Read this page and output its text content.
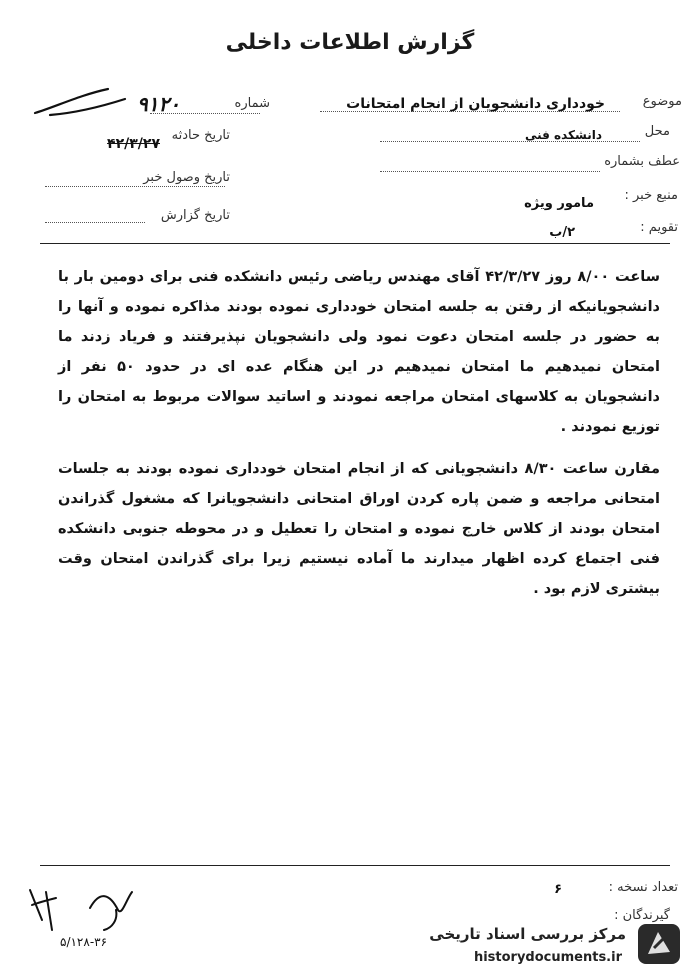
گزارش اطلاعات داخلی
موضوع
خودداری دانشجویان از انجام امتحانات
محل
دانشکده فنی
عطف بشماره
منبع خبر :
مامور ویژه
تقویم :
۲/ب
شماره
۹۱۲۰
تاریخ حادثه
۴۲/۳/۲۷
تاریخ وصول خبر
تاریخ گزارش

ساعت ۸/۰۰ روز ۴۲/۳/۲۷ آقای مهندس ریاضی رئیس دانشکده فنی برای دومین بار با دانشجویانیکه از رفتن به جلسه امتحان خودداری نموده بودند مذاکره نموده و آنها را به حضور در جلسه امتحان دعوت نمود ولی دانشجویان نپذیرفتند و فریاد زدند ما امتحان نمیدهیم ما امتحان نمیدهیم در این هنگام عده ای در حدود ۵۰ نفر از دانشجویان به کلاسهای امتحان مراجعه نمودند و اساتید سوالات مربوط به امتحان را توزیع نمودند .

مقارن ساعت ۸/۳۰ دانشجویانی که از انجام امتحان خودداری نموده بودند به جلسات امتحانی مراجعه و ضمن پاره کردن اوراق امتحانی دانشجویانرا که مشغول گذراندن امتحان بودند از کلاس خارج نموده و امتحان را تعطیل و در محوطه جنوبی دانشکده فنی اجتماع کرده اظهار میدارند ما آماده نیستیم زیرا برای گذراندن امتحان وقت بیشتری لازم بود .

تعداد نسخه :
۶
گیرندگان :
۵/۱۲۸-۳۶	مرکز بررسی اسناد تاریخی
historydocuments.ir
